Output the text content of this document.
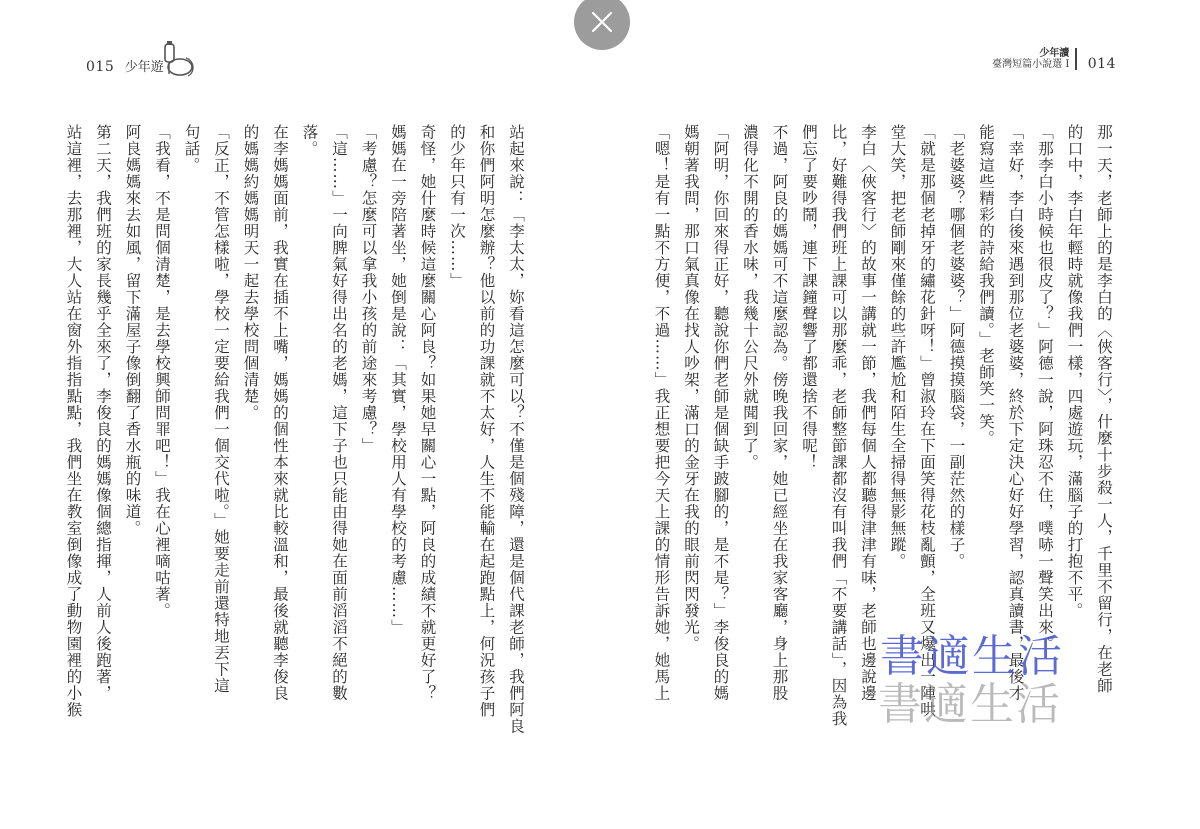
015 少年遊

站起來說：「李太太，妳看這怎麼可以？不僅是個殘障，還是個代課老師，我們阿良

和你們阿明怎麼辦？他以前的功課就不太好，人生不能輸在起跑點上，何況孩子們

的少年只有一次……」

奇怪，她什麼時候這麼關心阿良？如果她早關心一點，阿良的成績不就更好了？

媽媽在一旁陪著坐，她倒是說：「其實，學校用人有學校的考慮……」

「考慮？怎麼可以拿我小孩的前途來考慮？」

「這……」一向脾氣好得出名的老媽，這下子也只能由得她在面前滔滔不絕的數

落。

在李媽媽面前，我實在插不上嘴，媽媽的個性本來就比較溫和，最後就聽李俊良

的媽媽約媽媽明天一起去學校問個清楚。

「反正，不管怎樣啦，學校一定要給我們一個交代啦。」她要走前還特地丟下這

句話。

「我看，不是問個清楚，是去學校興師問罪吧！」我在心裡嘀咕著。

阿良媽媽來去如風，留下滿屋子像倒翻了香水瓶的味道。

第二天，我們班的家長幾乎全來了，李俊良的媽媽像個總指揮，人前人後跑著，

站這裡，去那裡，大人站在窗外指指點點，我們坐在教室倒像成了動物園裡的小猴

少年讀
臺灣短篇小說選 I 014

那一天，老師上的是李白的〈俠客行〉，什麼十步殺一人，千里不留行，在老師

的口中，李白年輕時就像我們一樣，四處遊玩，滿腦子的打抱不平。

「那李白小時候也很皮了？」阿德一說，阿珠忍不住，噗哧一聲笑出來。

「幸好，李白後來遇到那位老婆婆，終於下定決心好好學習，認真讀書，最後才

能寫這些精彩的詩給我們讀。」老師笑一笑。

「老婆婆？哪個老婆婆？」阿德摸摸腦袋，一副茫然的樣子。

「就是那個老掉牙的繡花針呀！」曾淑玲在下面笑得花枝亂顫，全班又爆出一陣哄

堂大笑，把老師剛來僅餘的些許尷尬和陌生全掃得無影無蹤。

李白〈俠客行〉的故事一講就一節，我們每個人都聽得津津有味，老師也邊說邊

比，好難得我們班上課可以那麼乖，老師整節課都沒有叫我們「不要講話」，因為我

們忘了要吵鬧，連下課鐘聲響了都還捨不得呢！

不過，阿良的媽媽可不這麼認為。傍晚我回家，她已經坐在我家客廳，身上那股

濃得化不開的香水味，我幾十公尺外就聞到了。

「阿明，你回來得正好，聽說你們老師是個缺手跛腳的，是不是？」李俊良的媽

媽朝著我問，那口氣真像在找人吵架，滿口的金牙在我的眼前閃閃發光。

「嗯！是有一點不方便，不過……」我正想要把今天上課的情形告訴她，她馬上	書適生活
書適生活
